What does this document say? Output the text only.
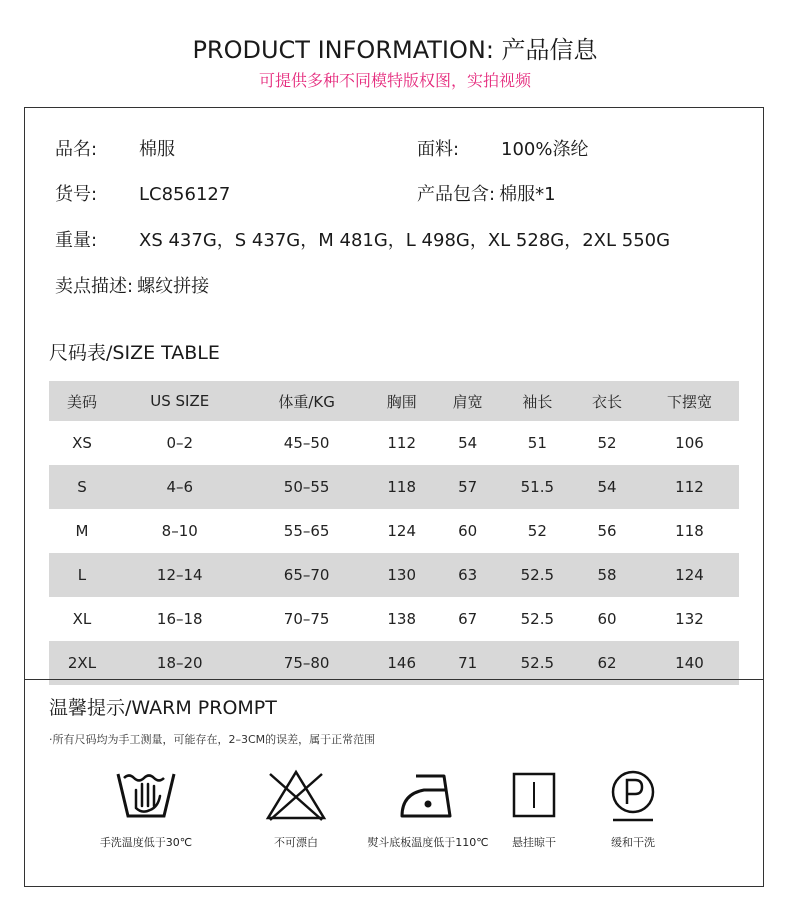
PRODUCT INFORMATION: 产品信息
可提供多种不同模特版权图，实拍视频
品名: 棉服	面料: 100%涤纶
货号: LC856127	产品包含: 棉服*1
重量: XS 437G，S 437G，M 481G，L 498G，XL 528G，2XL 550G
卖点描述: 螺纹拼接
尺码表/SIZE TABLE
美码	US SIZE	体重/KG	胸围	肩宽	袖长	衣长	下摆宽
XS	0–2	45–50	112	54	51	52	106
S	4–6	50–55	118	57	51.5	54	112
M	8–10	55–65	124	60	52	56	118
L	12–14	65–70	130	63	52.5	58	124
XL	16–18	70–75	138	67	52.5	60	132
2XL	18–20	75–80	146	71	52.5	62	140
温馨提示/WARM PROMPT
·所有尺码均为手工测量，可能存在，2–3CM的误差，属于正常范围
手洗温度低于30℃	不可漂白	熨斗底板温度低于110℃	悬挂晾干	缓和干洗
